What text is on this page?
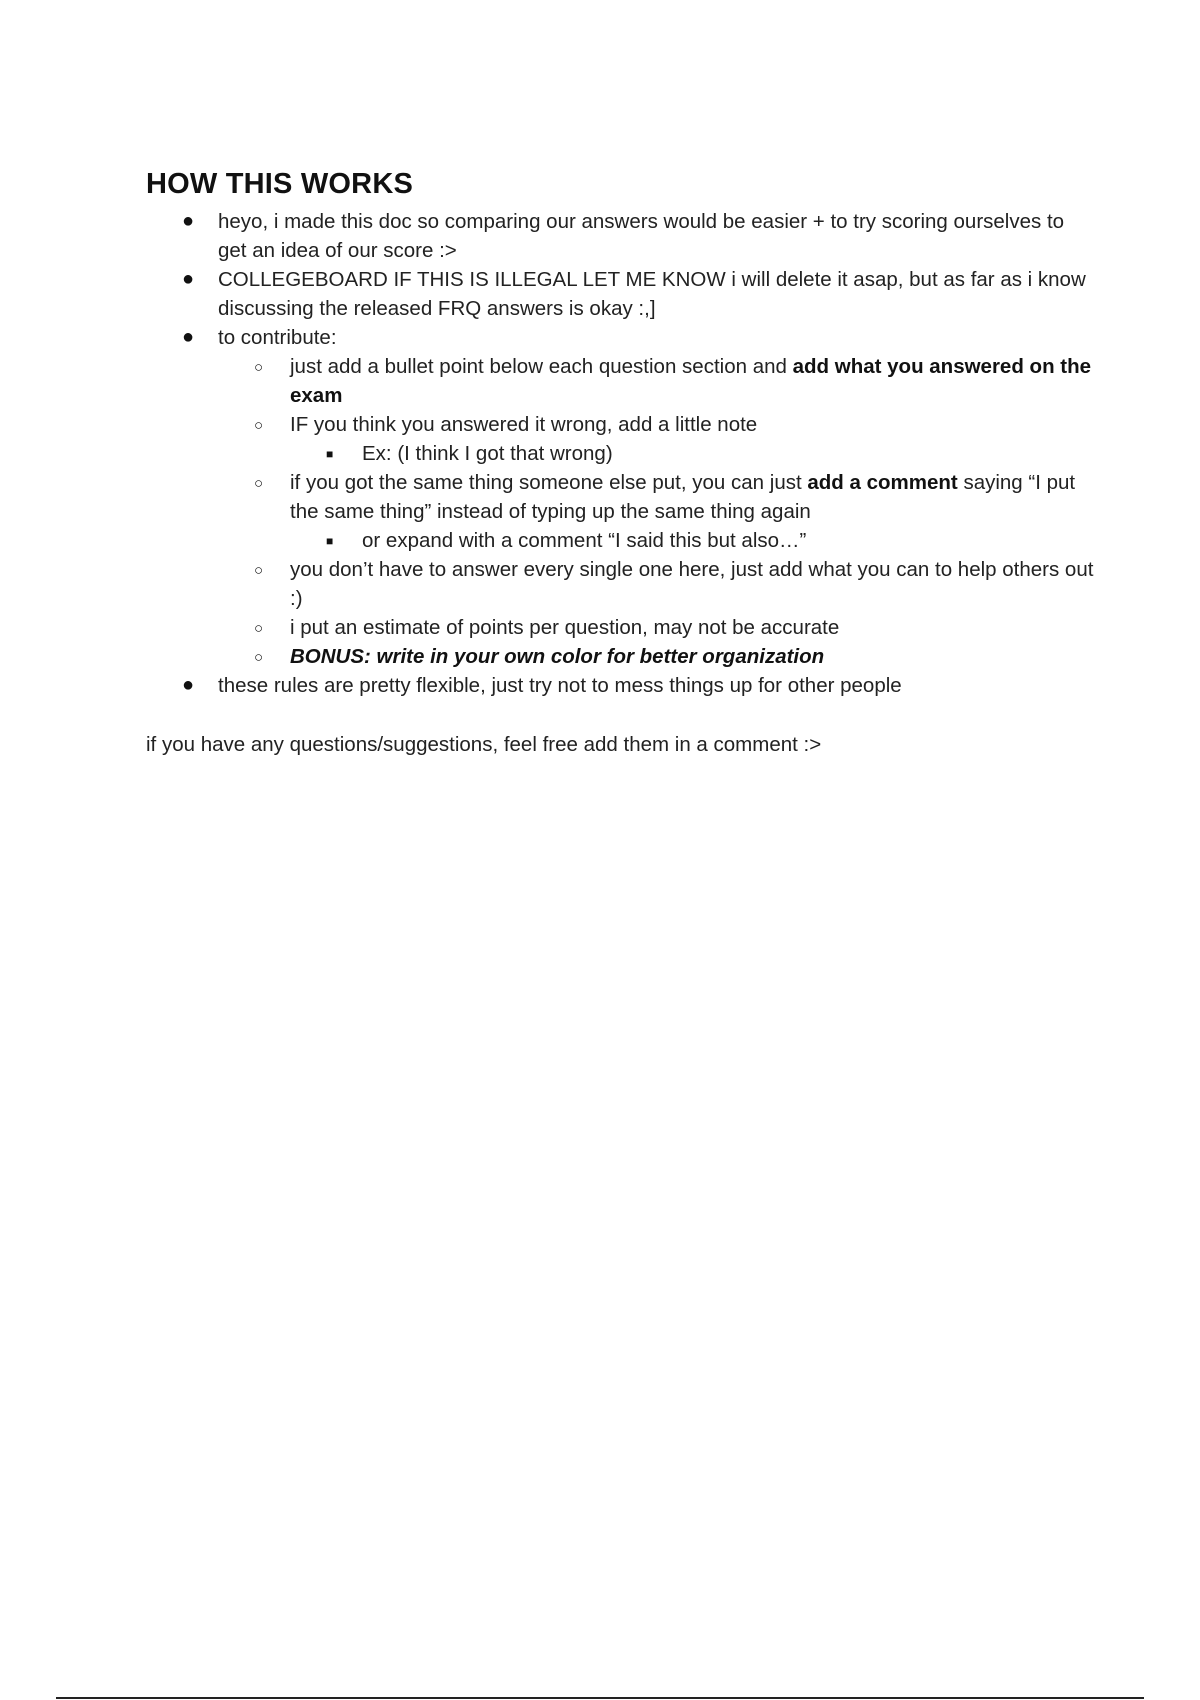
HOW THIS WORKS
● heyo, i made this doc so comparing our answers would be easier + to try scoring ourselves to get an idea of our score :>
● COLLEGEBOARD IF THIS IS ILLEGAL LET ME KNOW i will delete it asap, but as far as i know discussing the released FRQ answers is okay :,]
● to contribute:
○ just add a bullet point below each question section and add what you answered on the exam
○ IF you think you answered it wrong, add a little note
■ Ex: (I think I got that wrong)
○ if you got the same thing someone else put, you can just add a comment saying “I put the same thing” instead of typing up the same thing again
■ or expand with a comment “I said this but also…”
○ you don’t have to answer every single one here, just add what you can to help others out :)
○ i put an estimate of points per question, may not be accurate
○ BONUS: write in your own color for better organization
● these rules are pretty flexible, just try not to mess things up for other people

if you have any questions/suggestions, feel free add them in a comment :>
